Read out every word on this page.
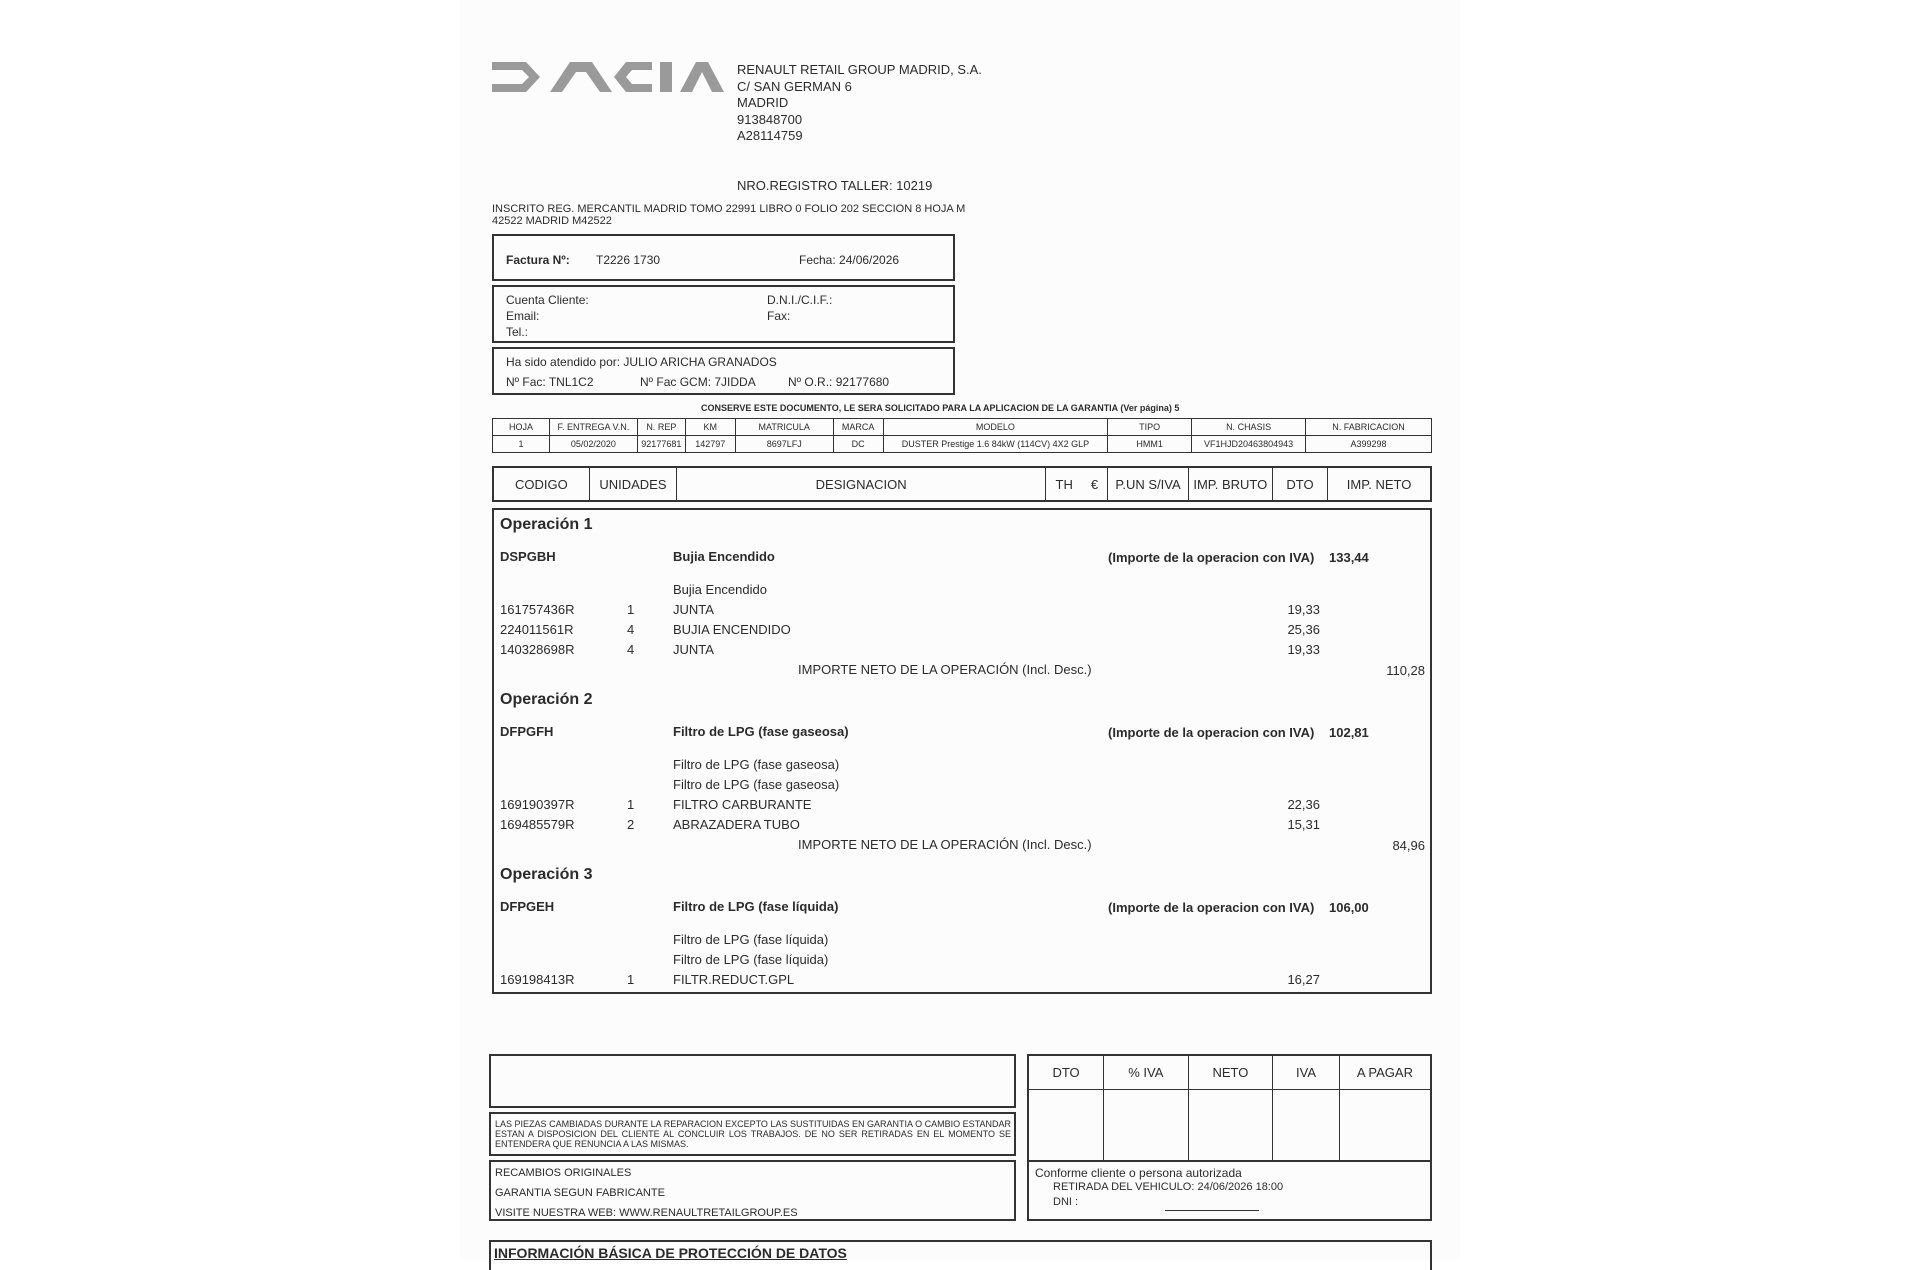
RENAULT RETAIL GROUP MADRID, S.A.
C/ SAN GERMAN 6
MADRID
913848700
A28114759
NRO.REGISTRO TALLER: 10219
INSCRITO REG. MERCANTIL MADRID TOMO 22991 LIBRO 0 FOLIO 202 SECCION 8 HOJA M
42522 MADRID M42522
Factura Nº: T2226 1730	Fecha: 24/06/2026
Cuenta Cliente:
Email:
Tel.:
D.N.I./C.I.F.:
Fax:
Ha sido atendido por: JULIO ARICHA GRANADOS
Nº Fac: TNL1C2	Nº Fac GCM: 7JIDDA	Nº O.R.: 92177680
CONSERVE ESTE DOCUMENTO, LE SERA SOLICITADO PARA LA APLICACION DE LA GARANTIA (Ver página) 5
HOJA	F. ENTREGA V.N.	N. REP	KM	MATRICULA	MARCA	MODELO	TIPO	N. CHASIS	N. FABRICACION
1	05/02/2020	92177681	142797	8697LFJ	DC	DUSTER Prestige 1.6 84kW (114CV) 4X2 GLP	HMM1	VF1HJD20463804943	A399298
CODIGO	UNIDADES	DESIGNACION	TH     €	P.UN S/IVA	IMP. BRUTO	DTO	IMP. NETO
Operación 1
DSPGBH	Bujia Encendido	(Importe de la operacion con IVA) 133,44
Bujia Encendido
161757436R	1	JUNTA	19,33
224011561R	4	BUJIA ENCENDIDO	25,36
140328698R	4	JUNTA	19,33
IMPORTE NETO DE LA OPERACIÓN (Incl. Desc.)	110,28
Operación 2
DFPGFH	Filtro de LPG (fase gaseosa)	(Importe de la operacion con IVA) 102,81
Filtro de LPG (fase gaseosa)
Filtro de LPG (fase gaseosa)
169190397R	1	FILTRO CARBURANTE	22,36
169485579R	2	ABRAZADERA TUBO	15,31
IMPORTE NETO DE LA OPERACIÓN (Incl. Desc.)	84,96
Operación 3
DFPGEH	Filtro de LPG (fase líquida)	(Importe de la operacion con IVA) 106,00
Filtro de LPG (fase líquida)
Filtro de LPG (fase líquida)
169198413R	1	FILTR.REDUCT.GPL	16,27
LAS PIEZAS CAMBIADAS DURANTE LA REPARACION EXCEPTO LAS SUSTITUIDAS EN GARANTIA O CAMBIO ESTANDAR ESTAN A DISPOSICION DEL CLIENTE AL CONCLUIR LOS TRABAJOS. DE NO SER RETIRADAS EN EL MOMENTO SE ENTENDERA QUE RENUNCIA A LAS MISMAS.
RECAMBIOS ORIGINALES
GARANTIA SEGUN FABRICANTE
VISITE NUESTRA WEB: WWW.RENAULTRETAILGROUP.ES
DTO	% IVA	NETO	IVA	A PAGAR

Conforme cliente o persona autorizada
RETIRADA DEL VEHICULO: 24/06/2026 18:00
DNI :
INFORMACIÓN BÁSICA DE PROTECCIÓN DE DATOS
